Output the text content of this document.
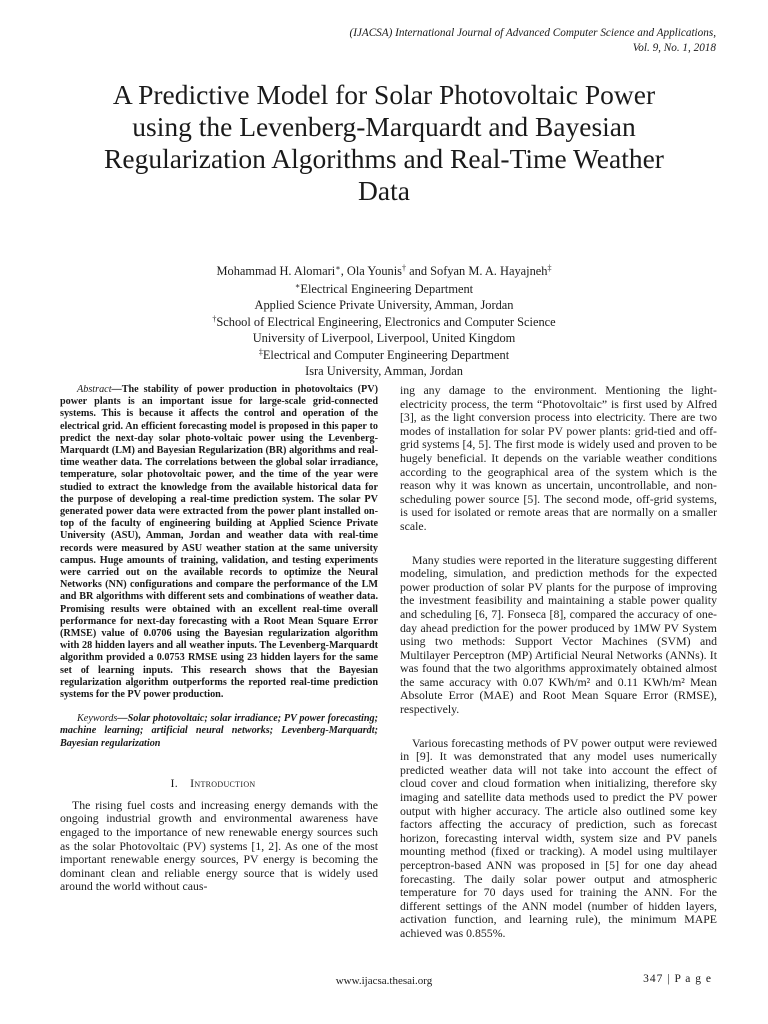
(IJACSA) International Journal of Advanced Computer Science and Applications,
Vol. 9, No. 1, 2018
A Predictive Model for Solar Photovoltaic Power
using the Levenberg-Marquardt and Bayesian
Regularization Algorithms and Real-Time Weather
Data
Mohammad H. Alomari∗, Ola Younis† and Sofyan M. A. Hayajneh‡
∗Electrical Engineering Department
Applied Science Private University, Amman, Jordan
†School of Electrical Engineering, Electronics and Computer Science
University of Liverpool, Liverpool, United Kingdom
‡Electrical and Computer Engineering Department
Isra University, Amman, Jordan

Abstract—The stability of power production in photovoltaics (PV) power plants is an important issue for large-scale grid-connected systems. This is because it affects the control and operation of the electrical grid. An efficient forecasting model is proposed in this paper to predict the next-day solar photo-voltaic power using the Levenberg-Marquardt (LM) and Bayesian Regularization (BR) algorithms and real-time weather data. The correlations between the global solar irradiance, temperature, solar photovoltaic power, and the time of the year were studied to extract the knowledge from the available historical data for the purpose of developing a real-time prediction system. The solar PV generated power data were extracted from the power plant installed on-top of the faculty of engineering building at Applied Science Private University (ASU), Amman, Jordan and weather data with real-time records were measured by ASU weather station at the same university campus. Huge amounts of training, validation, and testing experiments were carried out on the available records to optimize the Neural Networks (NN) configurations and compare the performance of the LM and BR algorithms with different sets and combinations of weather data. Promising results were obtained with an excellent real-time overall performance for next-day forecasting with a Root Mean Square Error (RMSE) value of 0.0706 using the Bayesian regularization algorithm with 28 hidden layers and all weather inputs. The Levenberg-Marquardt algorithm provided a 0.0753 RMSE using 23 hidden layers for the same set of learning inputs. This research shows that the Bayesian regularization algorithm outperforms the reported real-time prediction systems for the PV power production.

Keywords—Solar photovoltaic; solar irradiance; PV power forecasting; machine learning; artificial neural networks; Levenberg-Marquardt; Bayesian regularization

I. Introduction

The rising fuel costs and increasing energy demands with the ongoing industrial growth and environmental awareness have engaged to the importance of new renewable energy sources such as the solar Photovoltaic (PV) systems [1, 2]. As one of the most important renewable energy sources, PV energy is becoming the dominant clean and reliable energy source that is widely used around the world without caus-

ing any damage to the environment. Mentioning the light-electricity process, the term “Photovoltaic” is first used by Alfred [3], as the light conversion process into electricity. There are two modes of installation for solar PV power plants: grid-tied and off-grid systems [4, 5]. The first mode is widely used and proven to be hugely beneficial. It depends on the variable weather conditions according to the geographical area of the system which is the reason why it was known as uncertain, uncontrollable, and non-scheduling power source [5]. The second mode, off-grid systems, is used for isolated or remote areas that are normally on a smaller scale.

Many studies were reported in the literature suggesting different modeling, simulation, and prediction methods for the expected power production of solar PV plants for the purpose of improving the investment feasibility and maintaining a stable power quality and scheduling [6, 7]. Fonseca [8], compared the accuracy of one-day ahead prediction for the power produced by 1MW PV System using two methods: Support Vector Machines (SVM) and Multilayer Perceptron (MP) Artificial Neural Networks (ANNs). It was found that the two algorithms approximately obtained almost the same accuracy with 0.07 KWh/m² and 0.11 KWh/m² Mean Absolute Error (MAE) and Root Mean Square Error (RMSE), respectively.

Various forecasting methods of PV power output were reviewed in [9]. It was demonstrated that any model uses numerically predicted weather data will not take into account the effect of cloud cover and cloud formation when initializing, therefore sky imaging and satellite data methods used to predict the PV power output with higher accuracy. The article also outlined some key factors affecting the accuracy of prediction, such as forecast horizon, forecasting interval width, system size and PV panels mounting method (fixed or tracking). A model using multilayer perceptron-based ANN was proposed in [5] for one day ahead forecasting. The daily solar power output and atmospheric temperature for 70 days used for training the ANN. For the different settings of the ANN model (number of hidden layers, activation function, and learning rule), the minimum MAPE achieved was 0.855%.

www.ijacsa.thesai.org	347 | P a g e
